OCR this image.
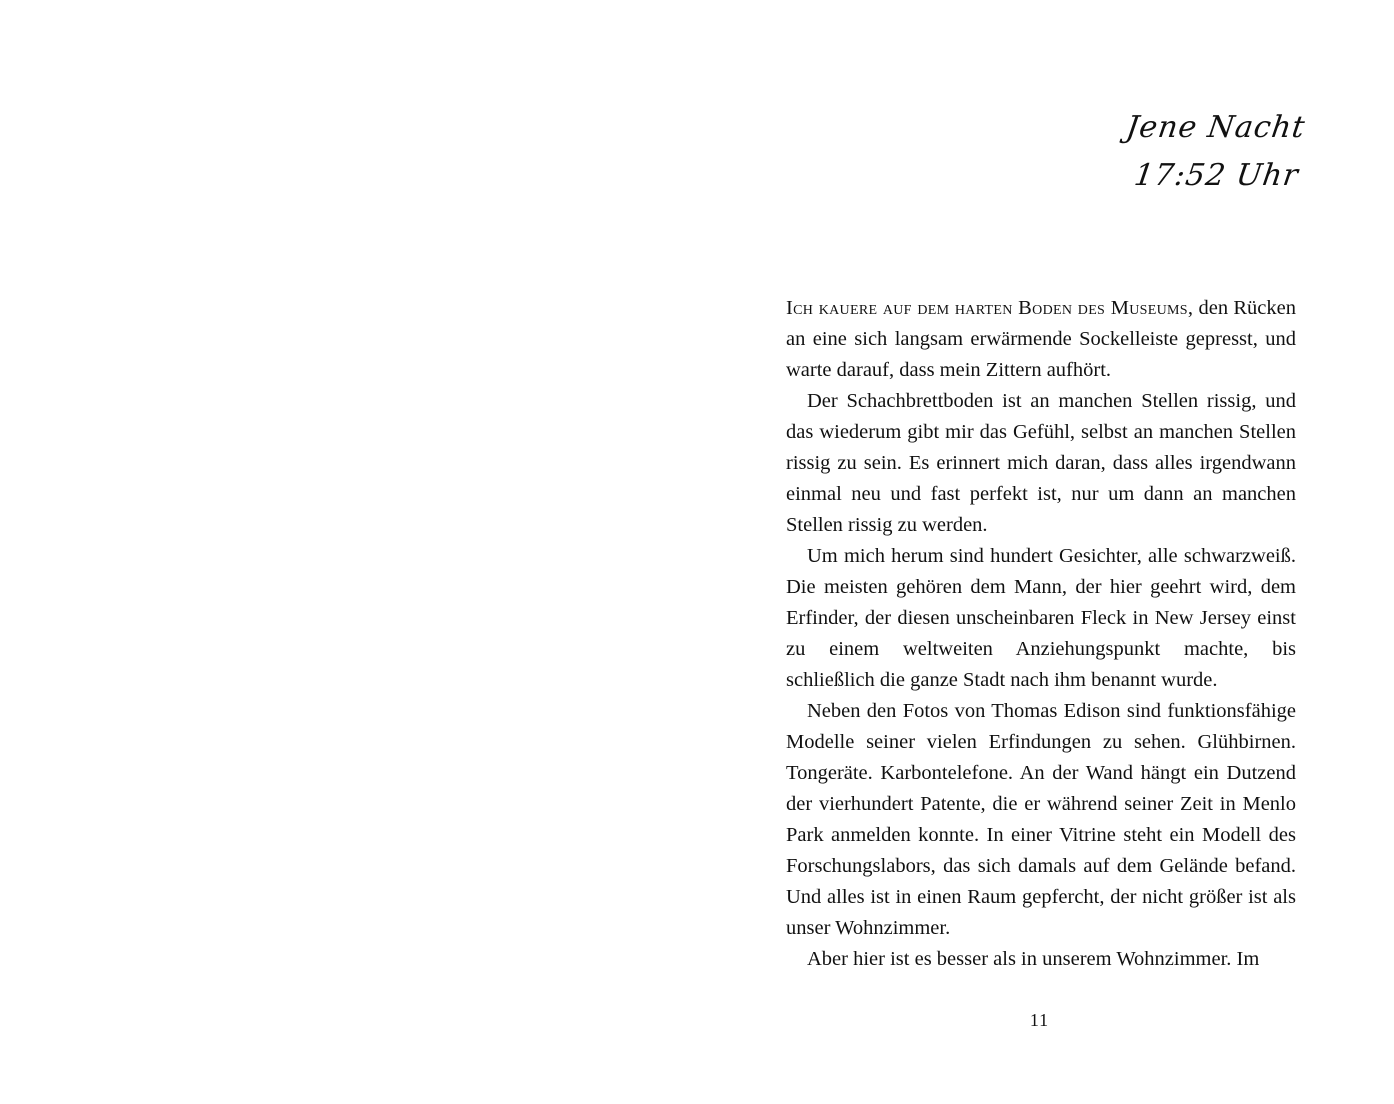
Jene Nacht
17:52 Uhr

Ich kauere auf dem harten Boden des Museums, den Rücken an eine sich langsam erwärmende Sockelleiste gepresst, und warte darauf, dass mein Zittern aufhört.

Der Schachbrettboden ist an manchen Stellen rissig, und das wiederum gibt mir das Gefühl, selbst an manchen Stellen rissig zu sein. Es erinnert mich daran, dass alles irgendwann einmal neu und fast perfekt ist, nur um dann an manchen Stellen rissig zu werden.

Um mich herum sind hundert Gesichter, alle schwarzweiß. Die meisten gehören dem Mann, der hier geehrt wird, dem Erfinder, der diesen unscheinbaren Fleck in New Jersey einst zu einem weltweiten Anziehungspunkt machte, bis schließlich die ganze Stadt nach ihm benannt wurde.

Neben den Fotos von Thomas Edison sind funktionsfähige Modelle seiner vielen Erfindungen zu sehen. Glühbirnen. Tongeräte. Karbontelefone. An der Wand hängt ein Dutzend der vierhundert Patente, die er während seiner Zeit in Menlo Park anmelden konnte. In einer Vitrine steht ein Modell des Forschungslabors, das sich damals auf dem Gelände befand. Und alles ist in einen Raum gepfercht, der nicht größer ist als unser Wohnzimmer.

Aber hier ist es besser als in unserem Wohnzimmer. Im

11
